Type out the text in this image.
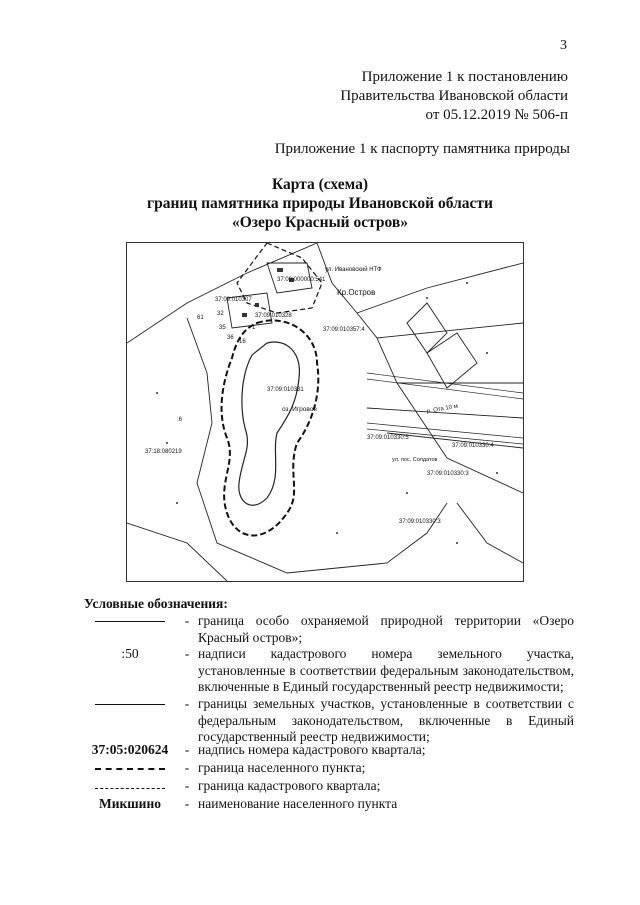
3
Приложение 1 к постановлению
Правительства Ивановской области
от 05.12.2019 № 506-п
Приложение 1 к паспорту памятника природы
Карта (схема)
границ памятника природы Ивановской области
«Озеро Красный остров»
ул. Ивановский НТФ
37:09:000000:541
Кр.Остров
37:09:010307
37:09:010328
37:09:010357:4
37:09:010331
оз. Игровое
37:18:080219
37:09:010330:5
37:09:010330:4
ул. пос. Солдатов
37:09:010330:3
37:09:010330:3
:6
р. Ота 10 м
61
32
35
36
16
1
Условные обозначения:
- граница особо охраняемой природной территории «Озеро Красный остров»;
:50	- надписи кадастрового номера земельного участка, установленные в соответствии федеральным законодательством, включенные в Единый государственный реестр недвижимости;
- границы земельных участков, установленные в соответствии с федеральным законодательством, включенные в Единый государственный реестр недвижимости;
37:05:020624	- надпись номера кадастрового квартала;
- граница населенного пункта;
- граница кадастрового квартала;
Микшино	- наименование населенного пункта
